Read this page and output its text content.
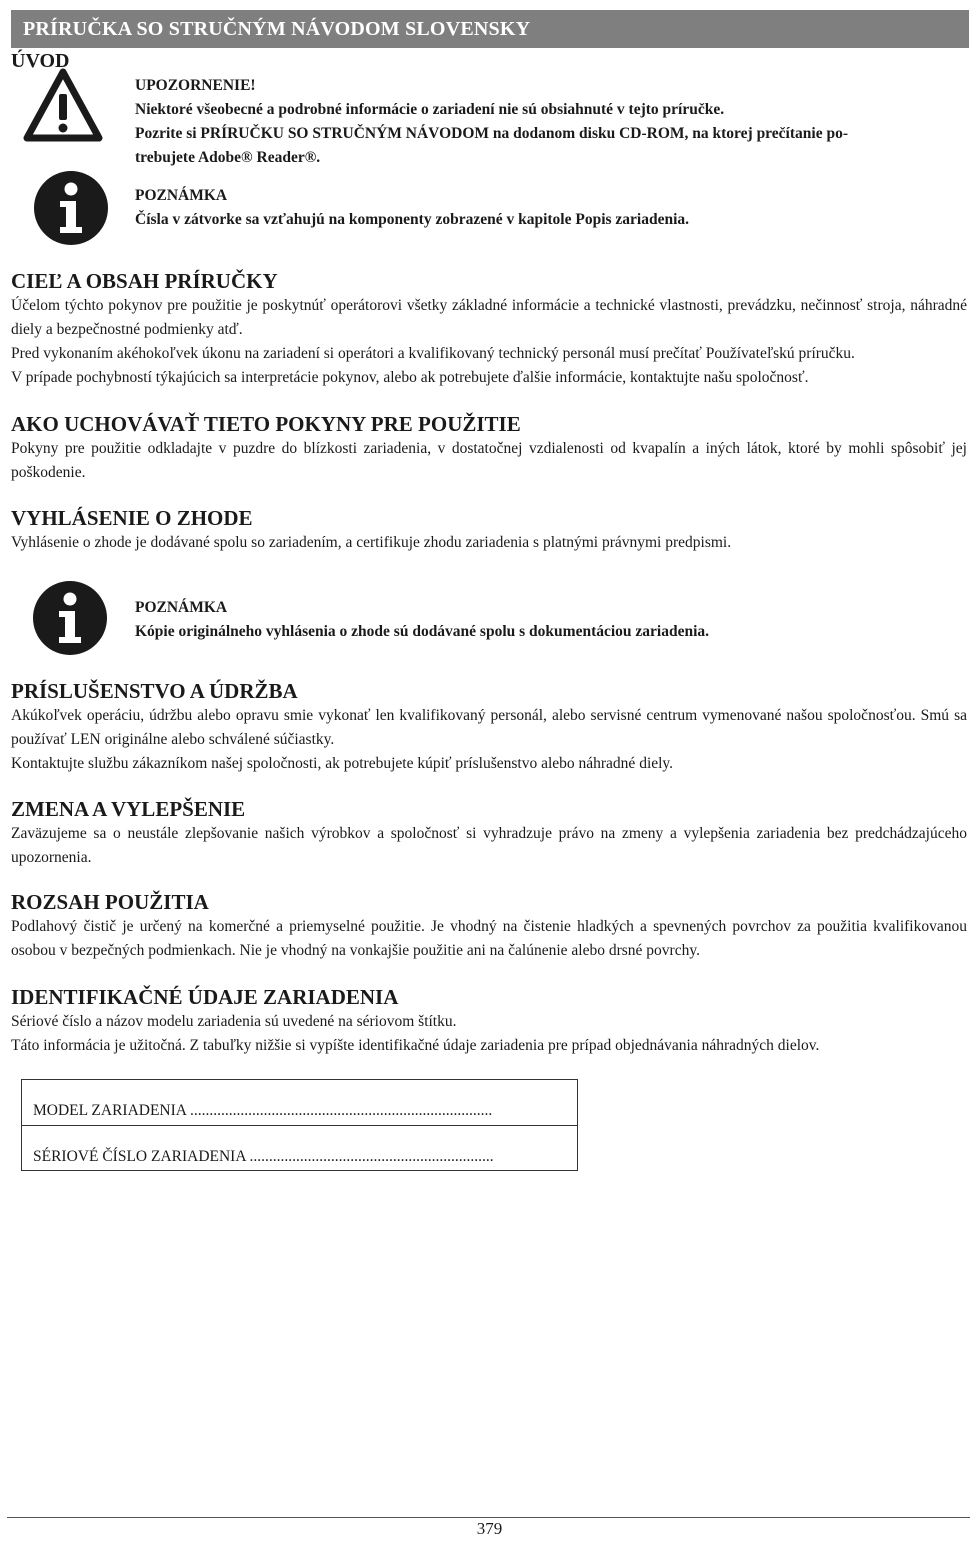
PRÍRUČKA SO STRUČNÝM NÁVODOM SLOVENSKY
ÚVOD
UPOZORNENIE!
Niektoré všeobecné a podrobné informácie o zariadení nie sú obsiahnuté v tejto príručke.
Pozrite si PRÍRUČKU SO STRUČNÝM NÁVODOM na dodanom disku CD-ROM, na ktorej prečítanie po-
trebujete Adobe® Reader®.
POZNÁMKA
Čísla v zátvorke sa vzťahujú na komponenty zobrazené v kapitole Popis zariadenia.
CIEĽ A OBSAH PRÍRUČKY

Účelom týchto pokynov pre použitie je poskytnúť operátorovi všetky základné informácie a technické vlastnosti, prevádzku, nečinnosť stroja, náhradné diely a bezpečnostné podmienky atď.

Pred vykonaním akéhokoľvek úkonu na zariadení si operátori a kvalifikovaný technický personál musí prečítať Používateľskú príručku.

V prípade pochybností týkajúcich sa interpretácie pokynov, alebo ak potrebujete ďalšie informácie, kontaktujte našu spoločnosť.

AKO UCHOVÁVAŤ TIETO POKYNY PRE POUŽITIE

Pokyny pre použitie odkladajte v puzdre do blízkosti zariadenia, v dostatočnej vzdialenosti od kvapalín a iných látok, ktoré by mohli spôsobiť jej poškodenie.

VYHLÁSENIE O ZHODE

Vyhlásenie o zhode je dodávané spolu so zariadením, a certifikuje zhodu zariadenia s platnými právnymi predpismi.

POZNÁMKA
Kópie originálneho vyhlásenia o zhode sú dodávané spolu s dokumentáciou zariadenia.
PRÍSLUŠENSTVO A ÚDRŽBA

Akúkoľvek operáciu, údržbu alebo opravu smie vykonať len kvalifikovaný personál, alebo servisné centrum vymenované našou spoločnosťou. Smú sa používať LEN originálne alebo schválené súčiastky.

Kontaktujte službu zákazníkom našej spoločnosti, ak potrebujete kúpiť príslušenstvo alebo náhradné diely.

ZMENA A VYLEPŠENIE

Zaväzujeme sa o neustále zlepšovanie našich výrobkov a spoločnosť si vyhradzuje právo na zmeny a vylepšenia zariadenia bez predchádzajúceho upozornenia.

ROZSAH POUŽITIA

Podlahový čistič je určený na komerčné a priemyselné použitie. Je vhodný na čistenie hladkých a spevnených povrchov za použitia kvalifikovanou osobou v bezpečných podmienkach. Nie je vhodný na vonkajšie použitie ani na čalúnenie alebo drsné povrchy.

IDENTIFIKAČNÉ ÚDAJE ZARIADENIA

Sériové číslo a názov modelu zariadenia sú uvedené na sériovom štítku.

Táto informácia je užitočná. Z tabuľky nižšie si vypíšte identifikačné údaje zariadenia pre prípad objednávania náhradných dielov.

MODEL ZARIADENIA ..............................................................................
SÉRIOVÉ ČÍSLO ZARIADENIA ...............................................................
379
